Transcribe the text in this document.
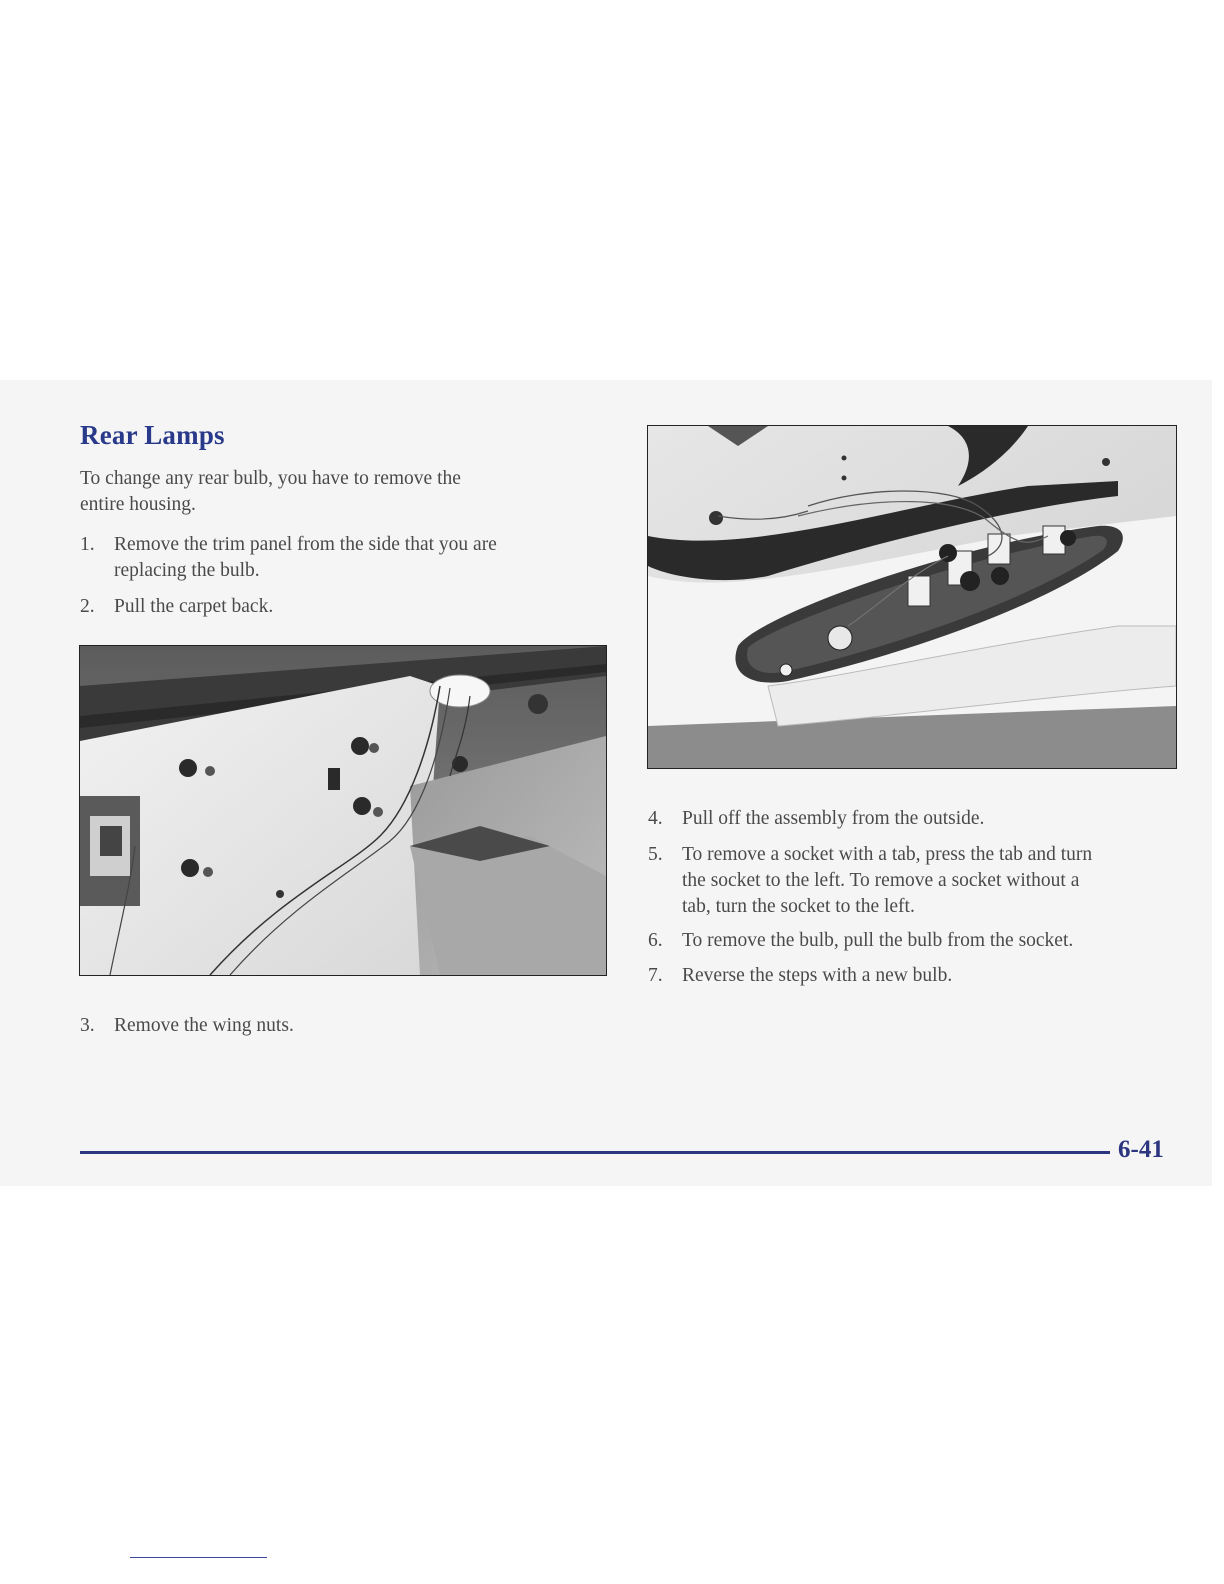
Rear Lamps

To change any rear bulb, you have to remove the
entire housing.

1. Remove the trim panel from the side that you are
replacing the bulb.
2. Pull the carpet back.
3. Remove the wing nuts.
4. Pull off the assembly from the outside.
5. To remove a socket with a tab, press the tab and turn
the socket to the left. To remove a socket without a
tab, turn the socket to the left.
6. To remove the bulb, pull the bulb from the socket.
7. Reverse the steps with a new bulb.

6-41
